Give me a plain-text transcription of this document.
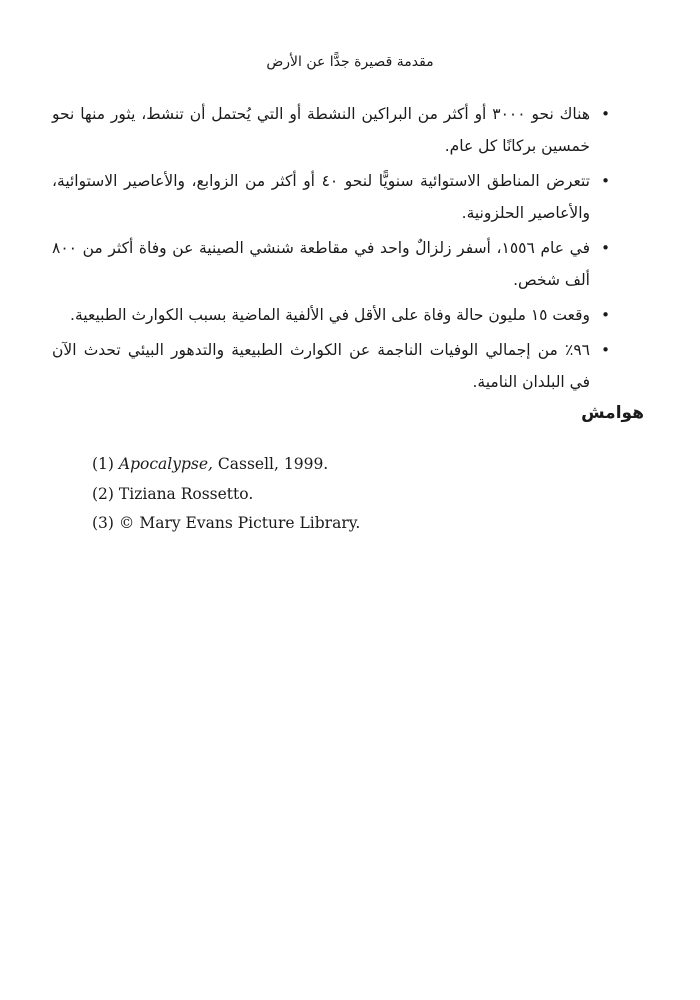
مقدمة قصيرة جدًّا عن الأرض
•
هناك نحو ٣٠٠٠ أو أكثر من البراكين النشطة أو التي يُحتمل أن تنشط، يثور منها نحو خمسين بركانًا كل عام.
•
تتعرض المناطق الاستوائية سنويًّا لنحو ٤٠ أو أكثر من الزوابع، والأعاصير الاستوائية، والأعاصير الحلزونية.
•
في عام ١٥٥٦، أسفر زلزالٌ واحد في مقاطعة شنشي الصينية عن وفاة أكثر من ٨٠٠ ألف شخص.
•
وقعت ١٥ مليون حالة وفاة على الأقل في الألفية الماضية بسبب الكوارث الطبيعية.
•
٩٦٪ من إجمالي الوفيات الناجمة عن الكوارث الطبيعية والتدهور البيئي تحدث الآن في البلدان النامية.
هوامش
(1) Apocalypse, Cassell, 1999.
(2) Tiziana Rossetto.
(3) © Mary Evans Picture Library.
